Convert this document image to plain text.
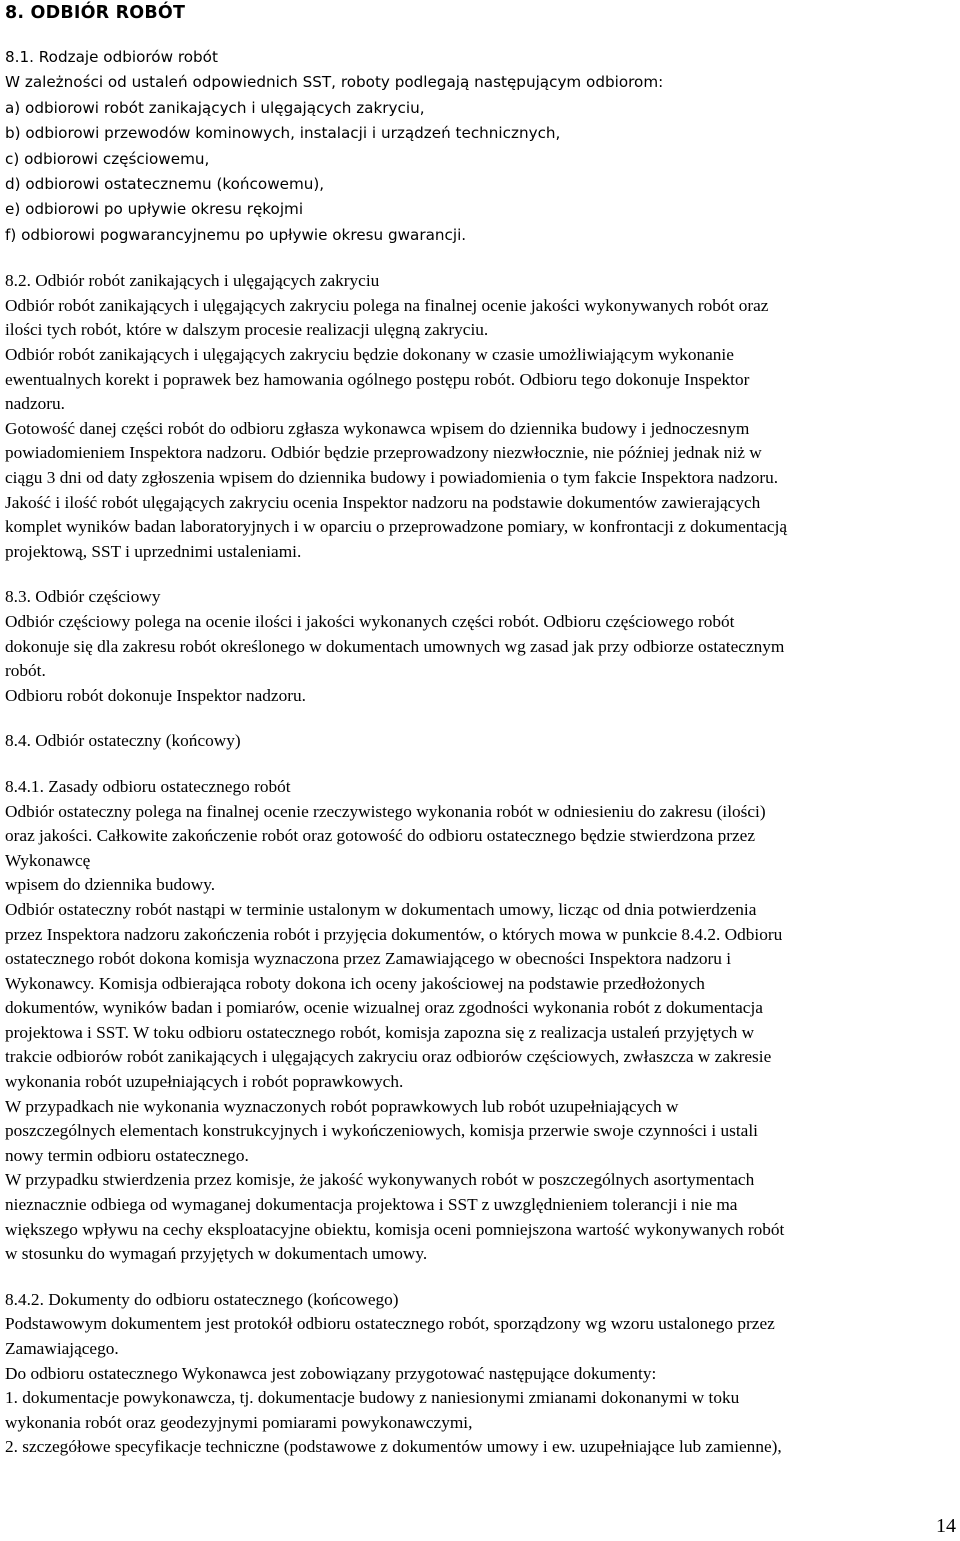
8. ODBIÓR ROBÓT
8.1. Rodzaje odbiorów robót
W zależności od ustaleń odpowiednich SST, roboty podlegają następującym odbiorom:
a) odbiorowi robót zanikających i ulęgających zakryciu,
b) odbiorowi przewodów kominowych, instalacji i urządzeń technicznych,
c) odbiorowi częściowemu,
d) odbiorowi ostatecznemu (końcowemu),
e) odbiorowi po upływie okresu rękojmi
f) odbiorowi pogwarancyjnemu po upływie okresu gwarancji.
8.2. Odbiór robót zanikających i ulęgających zakryciu
Odbiór robót zanikających i ulęgających zakryciu polega na finalnej ocenie jakości wykonywanych robót oraz
ilości tych robót, które w dalszym procesie realizacji ulęgną zakryciu.
Odbiór robót zanikających i ulęgających zakryciu będzie dokonany w czasie umożliwiającym wykonanie
ewentualnych korekt i poprawek bez hamowania ogólnego postępu robót. Odbioru tego dokonuje Inspektor
nadzoru.
Gotowość danej części robót do odbioru zgłasza wykonawca wpisem do dziennika budowy i jednoczesnym
powiadomieniem Inspektora nadzoru. Odbiór będzie przeprowadzony niezwłocznie, nie później jednak niż w
ciągu 3 dni od daty zgłoszenia wpisem do dziennika budowy i powiadomienia o tym fakcie Inspektora nadzoru.
Jakość i ilość robót ulęgających zakryciu ocenia Inspektor nadzoru na podstawie dokumentów zawierających
komplet wyników badan laboratoryjnych i w oparciu o przeprowadzone pomiary, w konfrontacji z dokumentacją
projektową, SST i uprzednimi ustaleniami.
8.3. Odbiór częściowy
Odbiór częściowy polega na ocenie ilości i jakości wykonanych części robót. Odbioru częściowego robót
dokonuje się dla zakresu robót określonego w dokumentach umownych wg zasad jak przy odbiorze ostatecznym
robót.
Odbioru robót dokonuje Inspektor nadzoru.
8.4. Odbiór ostateczny (końcowy)
8.4.1. Zasady odbioru ostatecznego robót
Odbiór ostateczny polega na finalnej ocenie rzeczywistego wykonania robót w odniesieniu do zakresu (ilości)
oraz jakości. Całkowite zakończenie robót oraz gotowość do odbioru ostatecznego będzie stwierdzona przez
Wykonawcę
wpisem do dziennika budowy.
Odbiór ostateczny robót nastąpi w terminie ustalonym w dokumentach umowy, licząc od dnia potwierdzenia
przez Inspektora nadzoru zakończenia robót i przyjęcia dokumentów, o których mowa w punkcie 8.4.2. Odbioru
ostatecznego robót dokona komisja wyznaczona przez Zamawiającego w obecności Inspektora nadzoru i
Wykonawcy. Komisja odbierająca roboty dokona ich oceny jakościowej na podstawie przedłożonych
dokumentów, wyników badan i pomiarów, ocenie wizualnej oraz zgodności wykonania robót z dokumentacja
projektowa i SST. W toku odbioru ostatecznego robót, komisja zapozna się z realizacja ustaleń przyjętych w
trakcie odbiorów robót zanikających i ulęgających zakryciu oraz odbiorów częściowych, zwłaszcza w zakresie
wykonania robót uzupełniających i robót poprawkowych.
W przypadkach nie wykonania wyznaczonych robót poprawkowych lub robót uzupełniających w
poszczególnych elementach konstrukcyjnych i wykończeniowych, komisja przerwie swoje czynności i ustali
nowy termin odbioru ostatecznego.
W przypadku stwierdzenia przez komisje, że jakość wykonywanych robót w poszczególnych asortymentach
nieznacznie odbiega od wymaganej dokumentacja projektowa i SST z uwzględnieniem tolerancji i nie ma
większego wpływu na cechy eksploatacyjne obiektu, komisja oceni pomniejszona wartość wykonywanych robót
w stosunku do wymagań przyjętych w dokumentach umowy.
8.4.2. Dokumenty do odbioru ostatecznego (końcowego)
Podstawowym dokumentem jest protokół odbioru ostatecznego robót, sporządzony wg wzoru ustalonego przez
Zamawiającego.
Do odbioru ostatecznego Wykonawca jest zobowiązany przygotować następujące dokumenty:
1. dokumentacje powykonawcza, tj. dokumentacje budowy z naniesionymi zmianami dokonanymi w toku
wykonania robót oraz geodezyjnymi pomiarami powykonawczymi,
2. szczegółowe specyfikacje techniczne (podstawowe z dokumentów umowy i ew. uzupełniające lub zamienne),
14
